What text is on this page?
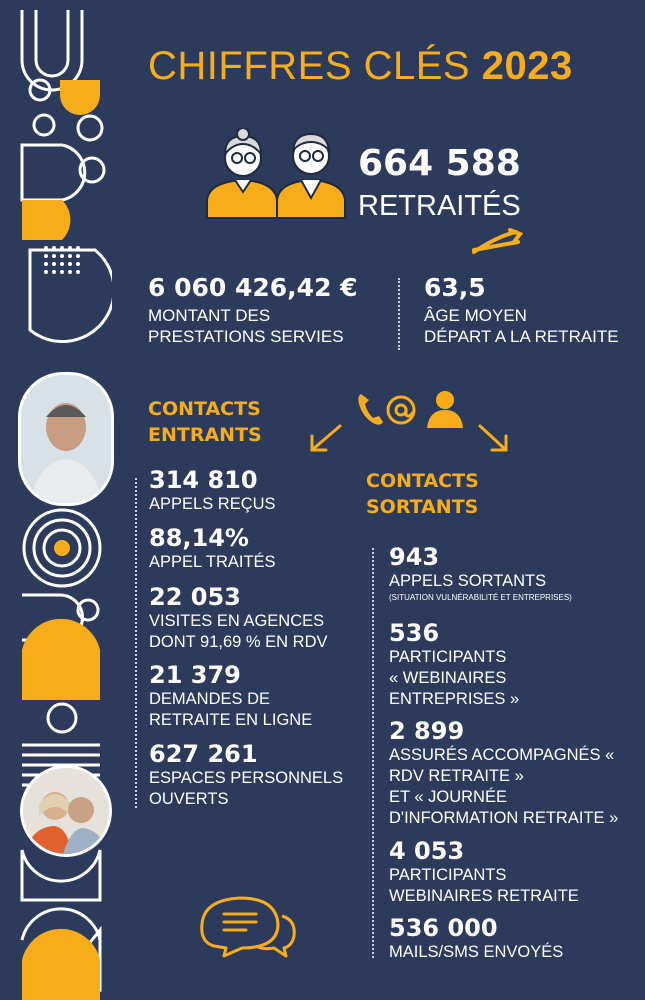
CHIFFRES CLÉS 2023
664 588
RETRAITÉS
6 060 426,42 €
MONTANT DES
PRESTATIONS SERVIES
63,5
ÂGE MOYEN
DÉPART A LA RETRAITE
CONTACTS
ENTRANTS
CONTACTS
SORTANTS
314 810
APPELS REÇUS
88,14%
APPEL TRAITÉS
22 053
VISITES EN AGENCES
DONT 91,69 % EN RDV
21 379
DEMANDES DE
RETRAITE EN LIGNE
627 261
ESPACES PERSONNELS
OUVERTS
943
APPELS SORTANTS
(SITUATION VULNÉRABILITÉ ET ENTREPRISES)
536
PARTICIPANTS
« WEBINAIRES
ENTREPRISES »
2 899
ASSURÉS ACCOMPAGNÉS «
RDV RETRAITE »
ET « JOURNÉE
D'INFORMATION RETRAITE »
4 053
PARTICIPANTS
WEBINAIRES RETRAITE
536 000
MAILS/SMS ENVOYÉS
